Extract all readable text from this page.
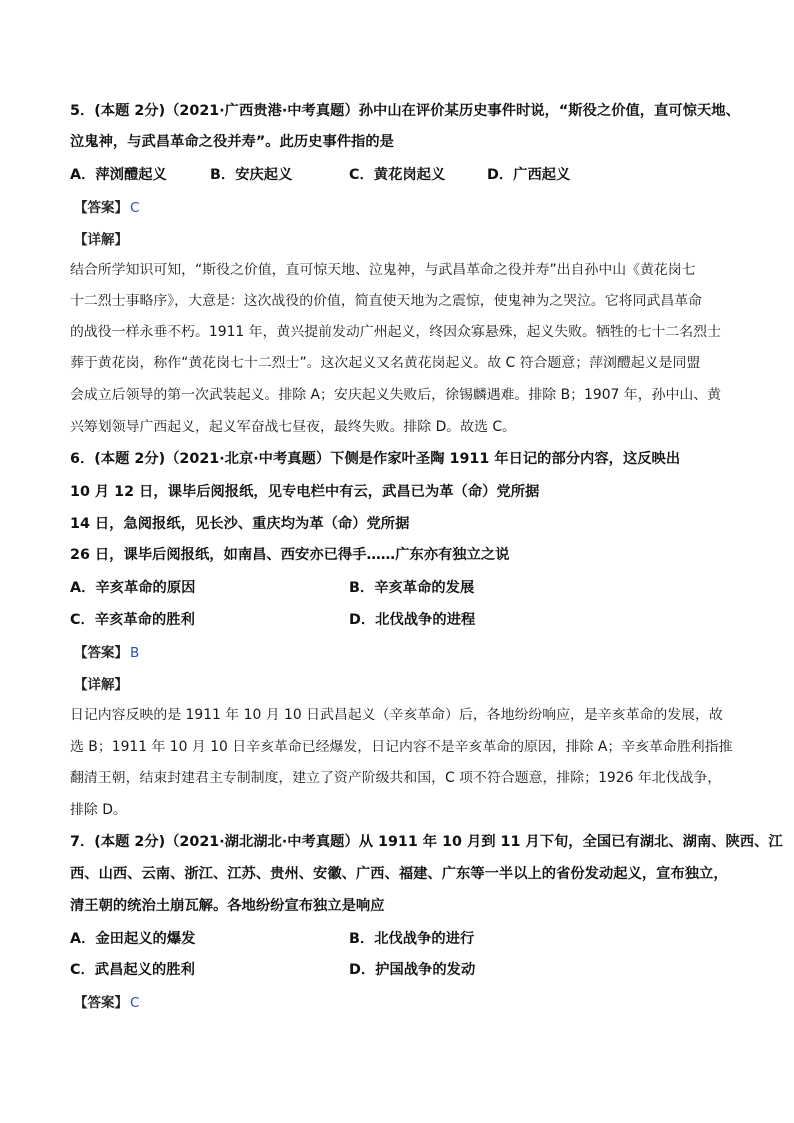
5．(本题 2分)（2021·广西贵港·中考真题）孙中山在评价某历史事件时说，“斯役之价值，直可惊天地、
泣鬼神，与武昌革命之役并寿”。此历史事件指的是
A．萍浏醴起义	B．安庆起义	C．黄花岗起义	D．广西起义
【答案】 C
【详解】
结合所学知识可知，“斯役之价值，直可惊天地、泣鬼神，与武昌革命之役并寿”出自孙中山《黄花岗七
十二烈士事略序》，大意是：这次战役的价值，简直使天地为之震惊，使鬼神为之哭泣。它将同武昌革命
的战役一样永垂不朽。1911 年，黄兴提前发动广州起义，终因众寡悬殊，起义失败。牺牲的七十二名烈士
葬于黄花岗，称作“黄花岗七十二烈士”。这次起义又名黄花岗起义。故 C 符合题意；萍浏醴起义是同盟
会成立后领导的第一次武装起义。排除 A；安庆起义失败后，徐锡麟遇难。排除 B；1907 年，孙中山、黄
兴筹划领导广西起义，起义军奋战七昼夜，最终失败。排除 D。故选 C。
6．(本题 2分)（2021·北京·中考真题）下侧是作家叶圣陶 1911 年日记的部分内容，这反映出
10 月 12 日，课毕后阅报纸，见专电栏中有云，武昌已为革（命）党所据
14 日，急阅报纸，见长沙、重庆均为革（命）党所据
26 日，课毕后阅报纸，如南昌、西安亦已得手……广东亦有独立之说
A．辛亥革命的原因	B．辛亥革命的发展
C．辛亥革命的胜利	D．北伐战争的进程
【答案】 B
【详解】
日记内容反映的是 1911 年 10 月 10 日武昌起义（辛亥革命）后，各地纷纷响应，是辛亥革命的发展，故
选 B；1911 年 10 月 10 日辛亥革命已经爆发，日记内容不是辛亥革命的原因，排除 A；辛亥革命胜利指推
翻清王朝，结束封建君主专制制度，建立了资产阶级共和国，C 项不符合题意，排除；1926 年北伐战争，
排除 D。
7．(本题 2分)（2021·湖北湖北·中考真题）从 1911 年 10 月到 11 月下旬，全国已有湖北、湖南、陕西、江
西、山西、云南、浙江、江苏、贵州、安徽、广西、福建、广东等一半以上的省份发动起义，宣布独立，
清王朝的统治土崩瓦解。各地纷纷宣布独立是响应
A．金田起义的爆发	B．北伐战争的进行
C．武昌起义的胜利	D．护国战争的发动
【答案】 C
